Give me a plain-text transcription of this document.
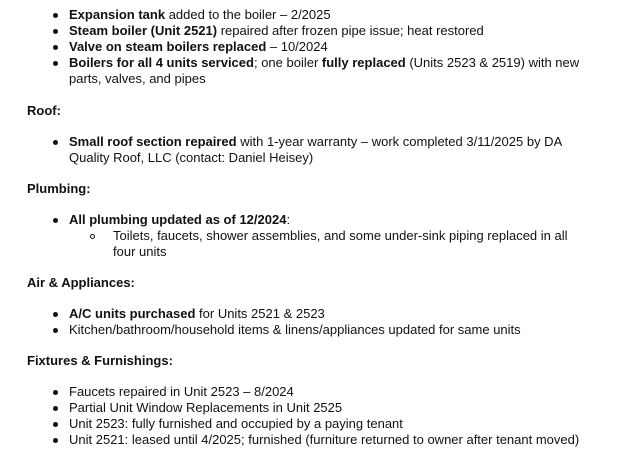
Expansion tank added to the boiler – 2/2025
Steam boiler (Unit 2521) repaired after frozen pipe issue; heat restored
Valve on steam boilers replaced – 10/2024
Boilers for all 4 units serviced; one boiler fully replaced (Units 2523 & 2519) with new
parts, valves, and pipes
Roof:
Small roof section repaired with 1-year warranty – work completed 3/11/2025 by DA
Quality Roof, LLC (contact: Daniel Heisey)
Plumbing:
All plumbing updated as of 12/2024:
Toilets, faucets, shower assemblies, and some under-sink piping replaced in all
four units
Air & Appliances:
A/C units purchased for Units 2521 & 2523
Kitchen/bathroom/household items & linens/appliances updated for same units
Fixtures & Furnishings:
Faucets repaired in Unit 2523 – 8/2024
Partial Unit Window Replacements in Unit 2525
Unit 2523: fully furnished and occupied by a paying tenant
Unit 2521: leased until 4/2025; furnished (furniture returned to owner after tenant moved)
